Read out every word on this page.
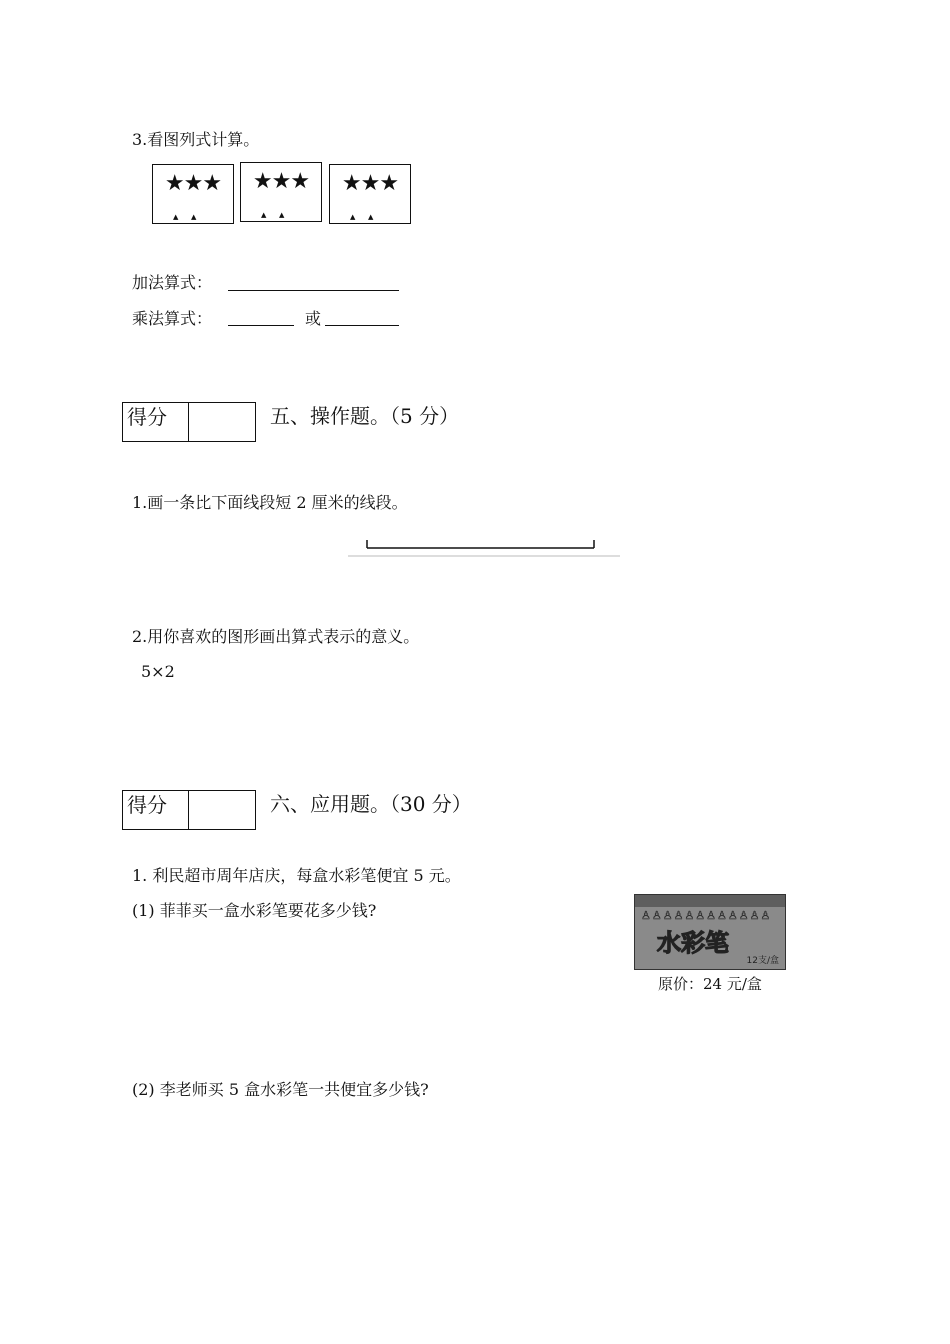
3.看图列式计算。
★★★
▲ ▲
★★★
▲ ▲
★★★
▲ ▲
加法算式：
乘法算式：	或
得分	五、操作题。（5 分）
1.画一条比下面线段短 2 厘米的线段。
2.用你喜欢的图形画出算式表示的意义。
5×2
得分	六、应用题。（30 分）
1. 利民超市周年店庆，每盒水彩笔便宜 5 元。
(1) 菲菲买一盒水彩笔要花多少钱?	♙♙♙♙♙♙♙♙♙♙♙♙
水彩笔
12支/盒
原价：24 元/盒
(2) 李老师买 5 盒水彩笔一共便宜多少钱?
